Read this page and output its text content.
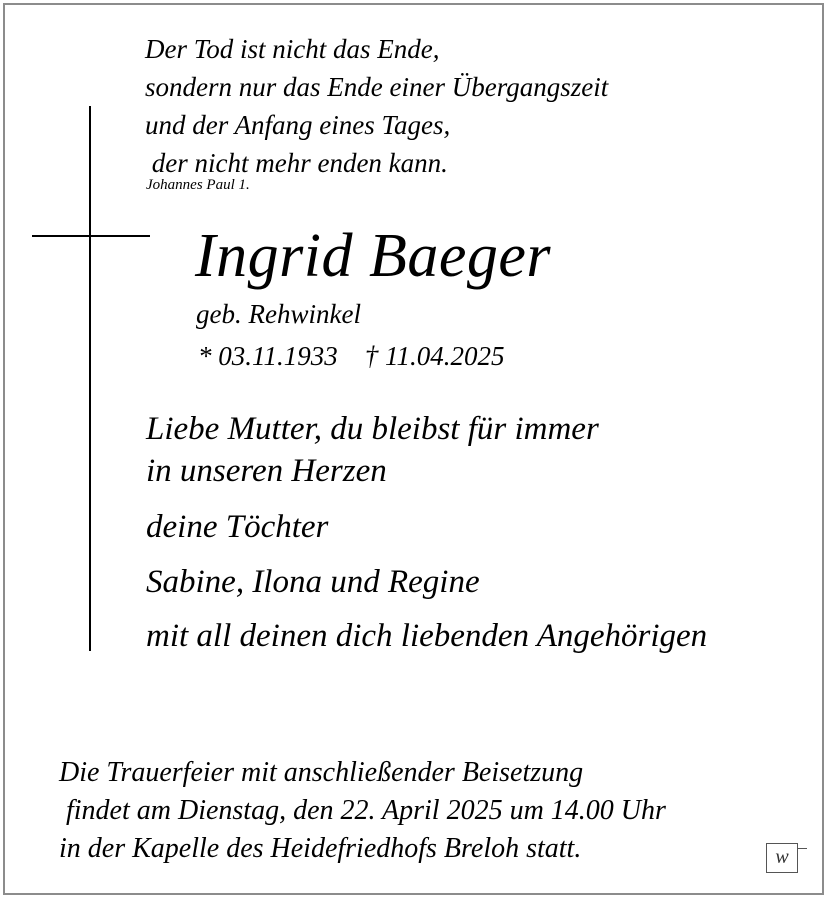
Der Tod ist nicht das Ende,
sondern nur das Ende einer Übergangszeit
und der Anfang eines Tages,
der nicht mehr enden kann.
Johannes Paul 1.
Ingrid Baeger
geb. Rehwinkel
* 03.11.1933    † 11.04.2025
Liebe Mutter, du bleibst für immer
in unseren Herzen
deine Töchter
Sabine, Ilona und Regine
mit all deinen dich liebenden Angehörigen
Die Trauerfeier mit anschließender Beisetzung
findet am Dienstag, den 22. April 2025 um 14.00 Uhr
in der Kapelle des Heidefriedhofs Breloh statt.	w
